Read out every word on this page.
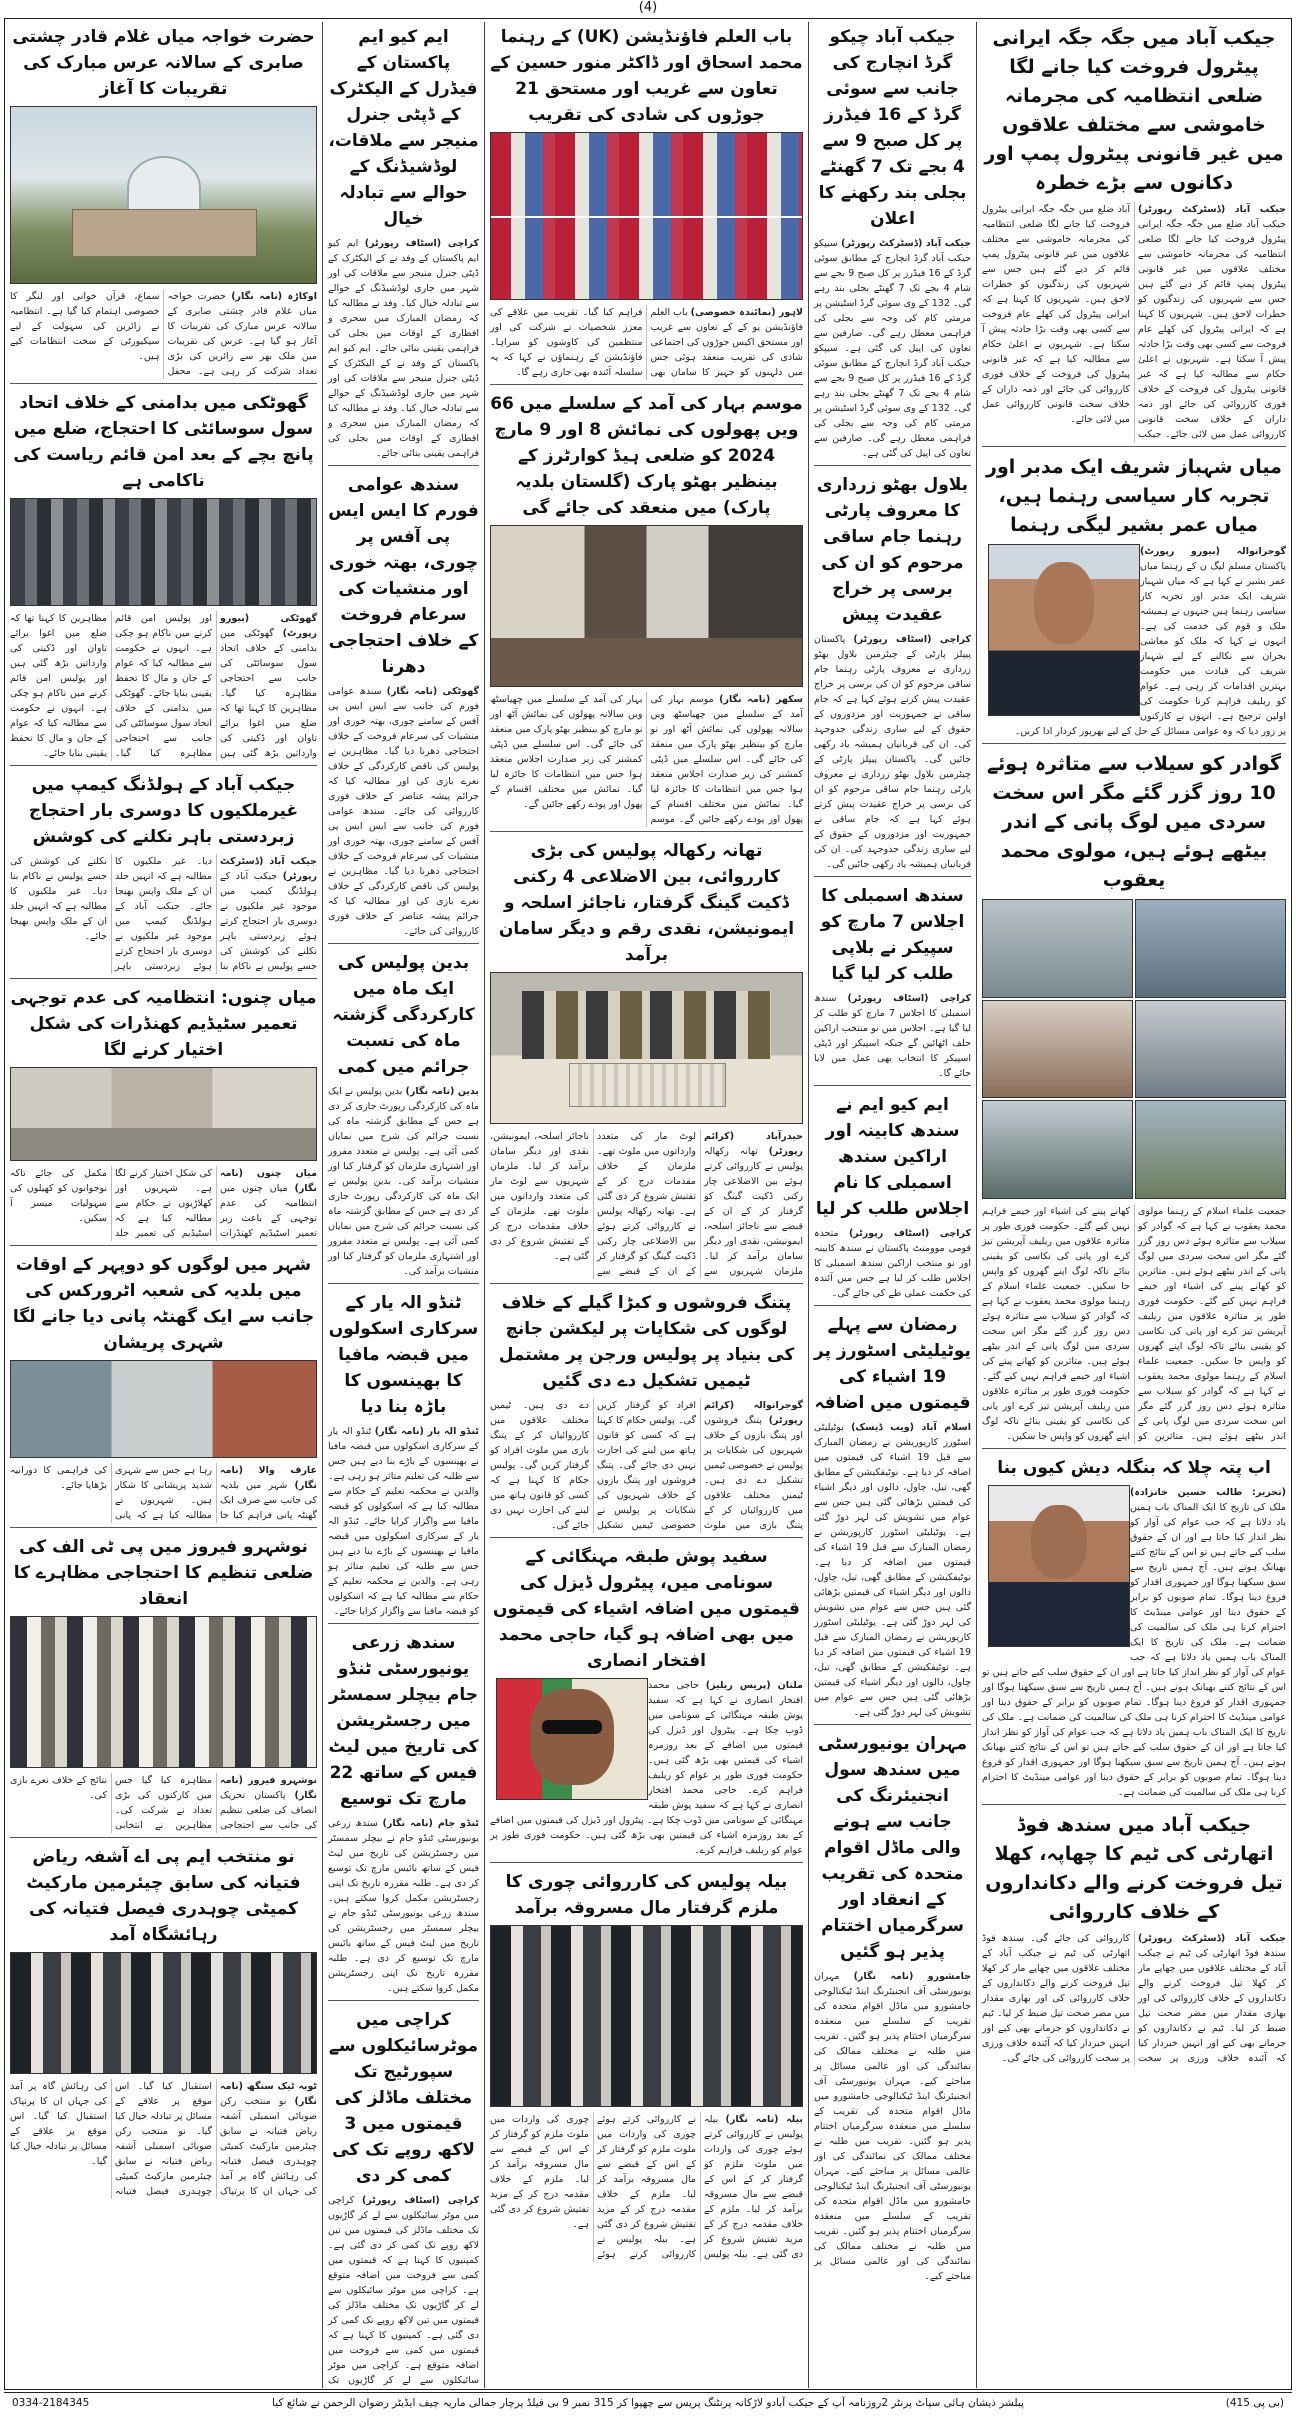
(4)
جیکب آباد میں جگہ جگہ ایرانی پیٹرول فروخت کیا جانے لگا ضلعی انتظامیہ کی مجرمانہ خاموشی سے مختلف علاقوں میں غیر قانونی پیٹرول پمپ اور دکانوں سے بڑے خطرہ
جیکب آباد (ڈسٹرکٹ رپورٹر) جیکب آباد ضلع میں جگہ جگہ ایرانی پیٹرول فروخت کیا جانے لگا ضلعی انتظامیہ کی مجرمانہ خاموشی سے مختلف علاقوں میں غیر قانونی پیٹرول پمپ قائم کر دیے گئے ہیں جس سے شہریوں کی زندگیوں کو خطرات لاحق ہیں۔ شہریوں کا کہنا ہے کہ ایرانی پیٹرول کی کھلے عام فروخت سے کسی بھی وقت بڑا حادثہ پیش آ سکتا ہے۔ شہریوں نے اعلیٰ حکام سے مطالبہ کیا ہے کہ غیر قانونی پیٹرول کی فروخت کے خلاف فوری کارروائی کی جائے اور ذمہ داران کے خلاف سخت قانونی کارروائی عمل میں لائی جائے۔ جیکب آباد ضلع میں جگہ جگہ ایرانی پیٹرول فروخت کیا جانے لگا ضلعی انتظامیہ کی مجرمانہ خاموشی سے مختلف علاقوں میں غیر قانونی پیٹرول پمپ قائم کر دیے گئے ہیں جس سے شہریوں کی زندگیوں کو خطرات لاحق ہیں۔ شہریوں کا کہنا ہے کہ ایرانی پیٹرول کی کھلے عام فروخت سے کسی بھی وقت بڑا حادثہ پیش آ سکتا ہے۔ شہریوں نے اعلیٰ حکام سے مطالبہ کیا ہے کہ غیر قانونی پیٹرول کی فروخت کے خلاف فوری کارروائی کی جائے اور ذمہ داران کے خلاف سخت قانونی کارروائی عمل میں لائی جائے۔
میاں شہباز شریف ایک مدبر اور تجربہ کار سیاسی رہنما ہیں، میاں عمر بشیر لیگی رہنما
گوجرانوالہ (بیورو رپورٹ) پاکستان مسلم لیگ ن کے رہنما میاں عمر بشیر نے کہا ہے کہ میاں شہباز شریف ایک مدبر اور تجربہ کار سیاسی رہنما ہیں جنہوں نے ہمیشہ ملک و قوم کی خدمت کی ہے۔ انہوں نے کہا کہ ملک کو معاشی بحران سے نکالنے کے لیے شہباز شریف کی قیادت میں حکومت بہترین اقدامات کر رہی ہے۔ عوام کو ریلیف فراہم کرنا حکومت کی اولین ترجیح ہے۔ انہوں نے کارکنوں پر زور دیا کہ وہ عوامی مسائل کے حل کے لیے بھرپور کردار ادا کریں۔
گوادر کو سیلاب سے متاثرہ ہوئے 10 روز گزر گئے مگر اس سخت سردی میں لوگ پانی کے اندر بیٹھے ہوئے ہیں، مولوی محمد یعقوب
جمعیت علماء اسلام کے رہنما مولوی محمد یعقوب نے کہا ہے کہ گوادر کو سیلاب سے متاثرہ ہوئے دس روز گزر گئے مگر اس سخت سردی میں لوگ پانی کے اندر بیٹھے ہوئے ہیں۔ متاثرین کو کھانے پینے کی اشیاء اور خیمے فراہم نہیں کیے گئے۔ حکومت فوری طور پر متاثرہ علاقوں میں ریلیف آپریشن تیز کرے اور پانی کی نکاسی کو یقینی بنائے تاکہ لوگ اپنے گھروں کو واپس جا سکیں۔ جمعیت علماء اسلام کے رہنما مولوی محمد یعقوب نے کہا ہے کہ گوادر کو سیلاب سے متاثرہ ہوئے دس روز گزر گئے مگر اس سخت سردی میں لوگ پانی کے اندر بیٹھے ہوئے ہیں۔ متاثرین کو کھانے پینے کی اشیاء اور خیمے فراہم نہیں کیے گئے۔ حکومت فوری طور پر متاثرہ علاقوں میں ریلیف آپریشن تیز کرے اور پانی کی نکاسی کو یقینی بنائے تاکہ لوگ اپنے گھروں کو واپس جا سکیں۔ جمعیت علماء اسلام کے رہنما مولوی محمد یعقوب نے کہا ہے کہ گوادر کو سیلاب سے متاثرہ ہوئے دس روز گزر گئے مگر اس سخت سردی میں لوگ پانی کے اندر بیٹھے ہوئے ہیں۔ متاثرین کو کھانے پینے کی اشیاء اور خیمے فراہم نہیں کیے گئے۔ حکومت فوری طور پر متاثرہ علاقوں میں ریلیف آپریشن تیز کرے اور پانی کی نکاسی کو یقینی بنائے تاکہ لوگ اپنے گھروں کو واپس جا سکیں۔
اب پتہ چلا کہ بنگلہ دیش کیوں بنا
(تحریر: طالب حسین خانزادہ) ملک کی تاریخ کا ایک المناک باب ہمیں یاد دلاتا ہے کہ جب عوام کی آواز کو نظر انداز کیا جاتا ہے اور ان کے حقوق سلب کیے جاتے ہیں تو اس کے نتائج کتنے بھیانک ہوتے ہیں۔ آج ہمیں تاریخ سے سبق سیکھنا ہوگا اور جمہوری اقدار کو فروغ دینا ہوگا۔ تمام صوبوں کو برابر کے حقوق دینا اور عوامی مینڈیٹ کا احترام کرنا ہی ملک کی سالمیت کی ضمانت ہے۔ ملک کی تاریخ کا ایک المناک باب ہمیں یاد دلاتا ہے کہ جب عوام کی آواز کو نظر انداز کیا جاتا ہے اور ان کے حقوق سلب کیے جاتے ہیں تو اس کے نتائج کتنے بھیانک ہوتے ہیں۔ آج ہمیں تاریخ سے سبق سیکھنا ہوگا اور جمہوری اقدار کو فروغ دینا ہوگا۔ تمام صوبوں کو برابر کے حقوق دینا اور عوامی مینڈیٹ کا احترام کرنا ہی ملک کی سالمیت کی ضمانت ہے۔ ملک کی تاریخ کا ایک المناک باب ہمیں یاد دلاتا ہے کہ جب عوام کی آواز کو نظر انداز کیا جاتا ہے اور ان کے حقوق سلب کیے جاتے ہیں تو اس کے نتائج کتنے بھیانک ہوتے ہیں۔ آج ہمیں تاریخ سے سبق سیکھنا ہوگا اور جمہوری اقدار کو فروغ دینا ہوگا۔ تمام صوبوں کو برابر کے حقوق دینا اور عوامی مینڈیٹ کا احترام کرنا ہی ملک کی سالمیت کی ضمانت ہے۔
جیکب آباد میں سندھ فوڈ اتھارٹی کی ٹیم کا چھاپہ، کھلا تیل فروخت کرنے والے دکانداروں کے خلاف کارروائی
جیکب آباد (ڈسٹرکٹ رپورٹر) سندھ فوڈ اتھارٹی کی ٹیم نے جیکب آباد کے مختلف علاقوں میں چھاپے مار کر کھلا تیل فروخت کرنے والے دکانداروں کے خلاف کارروائی کی اور بھاری مقدار میں مضر صحت تیل ضبط کر لیا۔ ٹیم نے دکانداروں کو جرمانے بھی کیے اور انہیں خبردار کیا کہ آئندہ خلاف ورزی پر سخت کارروائی کی جائے گی۔ سندھ فوڈ اتھارٹی کی ٹیم نے جیکب آباد کے مختلف علاقوں میں چھاپے مار کر کھلا تیل فروخت کرنے والے دکانداروں کے خلاف کارروائی کی اور بھاری مقدار میں مضر صحت تیل ضبط کر لیا۔ ٹیم نے دکانداروں کو جرمانے بھی کیے اور انہیں خبردار کیا کہ آئندہ خلاف ورزی پر سخت کارروائی کی جائے گی۔
جیکب آباد چیکو گرڈ انچارج کی جانب سے سوئی گرڈ کے 16 فیڈرز پر کل صبح 9 سے 4 بجے تک 7 گھنٹے بجلی بند رکھنے کا اعلان
جیکب آباد (ڈسٹرکٹ رپورٹر) سیپکو جیکب آباد گرڈ انچارج کے مطابق سوئی گرڈ کے 16 فیڈرز پر کل صبح 9 بجے سے شام 4 بجے تک 7 گھنٹے بجلی بند رہے گی۔ 132 کے وی سوئی گرڈ اسٹیشن پر مرمتی کام کی وجہ سے بجلی کی فراہمی معطل رہے گی۔ صارفین سے تعاون کی اپیل کی گئی ہے۔ سیپکو جیکب آباد گرڈ انچارج کے مطابق سوئی گرڈ کے 16 فیڈرز پر کل صبح 9 بجے سے شام 4 بجے تک 7 گھنٹے بجلی بند رہے گی۔ 132 کے وی سوئی گرڈ اسٹیشن پر مرمتی کام کی وجہ سے بجلی کی فراہمی معطل رہے گی۔ صارفین سے تعاون کی اپیل کی گئی ہے۔
بلاول بھٹو زرداری کا معروف پارٹی رہنما جام ساقی مرحوم کو ان کی برسی پر خراج عقیدت پیش
کراچی (اسٹاف رپورٹر) پاکستان پیپلز پارٹی کے چیئرمین بلاول بھٹو زرداری نے معروف پارٹی رہنما جام ساقی مرحوم کو ان کی برسی پر خراج عقیدت پیش کرتے ہوئے کہا ہے کہ جام ساقی نے جمہوریت اور مزدوروں کے حقوق کے لیے ساری زندگی جدوجہد کی۔ ان کی قربانیاں ہمیشہ یاد رکھی جائیں گی۔ پاکستان پیپلز پارٹی کے چیئرمین بلاول بھٹو زرداری نے معروف پارٹی رہنما جام ساقی مرحوم کو ان کی برسی پر خراج عقیدت پیش کرتے ہوئے کہا ہے کہ جام ساقی نے جمہوریت اور مزدوروں کے حقوق کے لیے ساری زندگی جدوجہد کی۔ ان کی قربانیاں ہمیشہ یاد رکھی جائیں گی۔
سندھ اسمبلی کا اجلاس 7 مارچ کو سپیکر نے بلاپی طلب کر لیا گیا
کراچی (اسٹاف رپورٹر) سندھ اسمبلی کا اجلاس 7 مارچ کو طلب کر لیا گیا ہے۔ اجلاس میں نو منتخب اراکین حلف اٹھائیں گے جبکہ اسپیکر اور ڈپٹی اسپیکر کا انتخاب بھی عمل میں لایا جائے گا۔
ایم کیو ایم نے سندھ کابینہ اور اراکین سندھ اسمبلی کا نام اجلاس طلب کر لیا
کراچی (اسٹاف رپورٹر) متحدہ قومی موومنٹ پاکستان نے سندھ کابینہ اور نو منتخب اراکین سندھ اسمبلی کا اجلاس طلب کر لیا ہے جس میں آئندہ کی حکمت عملی طے کی جائے گی۔
رمضان سے پہلے یوٹیلیٹی اسٹورز پر 19 اشیاء کی قیمتوں میں اضافہ
اسلام آباد (ویب ڈیسک) یوٹیلیٹی اسٹورز کارپوریشن نے رمضان المبارک سے قبل 19 اشیاء کی قیمتوں میں اضافہ کر دیا ہے۔ نوٹیفکیشن کے مطابق گھی، تیل، چاول، دالوں اور دیگر اشیاء کی قیمتیں بڑھائی گئی ہیں جس سے عوام میں تشویش کی لہر دوڑ گئی ہے۔ یوٹیلیٹی اسٹورز کارپوریشن نے رمضان المبارک سے قبل 19 اشیاء کی قیمتوں میں اضافہ کر دیا ہے۔ نوٹیفکیشن کے مطابق گھی، تیل، چاول، دالوں اور دیگر اشیاء کی قیمتیں بڑھائی گئی ہیں جس سے عوام میں تشویش کی لہر دوڑ گئی ہے۔ یوٹیلیٹی اسٹورز کارپوریشن نے رمضان المبارک سے قبل 19 اشیاء کی قیمتوں میں اضافہ کر دیا ہے۔ نوٹیفکیشن کے مطابق گھی، تیل، چاول، دالوں اور دیگر اشیاء کی قیمتیں بڑھائی گئی ہیں جس سے عوام میں تشویش کی لہر دوڑ گئی ہے۔
مہران یونیورسٹی میں سندھ سول انجنیئرنگ کی جانب سے ہونے والی ماڈل اقوام متحدہ کی تقریب کے انعقاد اور سرگرمیاں اختتام پذیر ہو گئیں
جامشورو (نامہ نگار) مہران یونیورسٹی آف انجنیئرنگ اینڈ ٹیکنالوجی جامشورو میں ماڈل اقوام متحدہ کی تقریب کے سلسلے میں منعقدہ سرگرمیاں اختتام پذیر ہو گئیں۔ تقریب میں طلبہ نے مختلف ممالک کی نمائندگی کی اور عالمی مسائل پر مباحثے کیے۔ مہران یونیورسٹی آف انجنیئرنگ اینڈ ٹیکنالوجی جامشورو میں ماڈل اقوام متحدہ کی تقریب کے سلسلے میں منعقدہ سرگرمیاں اختتام پذیر ہو گئیں۔ تقریب میں طلبہ نے مختلف ممالک کی نمائندگی کی اور عالمی مسائل پر مباحثے کیے۔ مہران یونیورسٹی آف انجنیئرنگ اینڈ ٹیکنالوجی جامشورو میں ماڈل اقوام متحدہ کی تقریب کے سلسلے میں منعقدہ سرگرمیاں اختتام پذیر ہو گئیں۔ تقریب میں طلبہ نے مختلف ممالک کی نمائندگی کی اور عالمی مسائل پر مباحثے کیے۔
باب العلم فاؤنڈیشن (UK) کے رہنما محمد اسحاق اور ڈاکٹر منور حسین کے تعاون سے غریب اور مستحق 21 جوڑوں کی شادی کی تقریب
لاہور (نمائندہ خصوصی) باب العلم فاؤنڈیشن یو کے کے تعاون سے غریب اور مستحق اکیس جوڑوں کی اجتماعی شادی کی تقریب منعقد ہوئی جس میں دلہنوں کو جہیز کا سامان بھی فراہم کیا گیا۔ تقریب میں علاقے کی معزز شخصیات نے شرکت کی اور منتظمین کی کاوشوں کو سراہا۔ فاؤنڈیشن کے رہنماؤں نے کہا کہ یہ سلسلہ آئندہ بھی جاری رہے گا۔
موسم بہار کی آمد کے سلسلے میں 66 ویں پھولوں کی نمائش 8 اور 9 مارچ 2024 کو ضلعی ہیڈ کوارٹرز کے بینظیر بھٹو پارک (گلستان بلدیہ پارک) میں منعقد کی جائے گی
سکھر (نامہ نگار) موسم بہار کی آمد کے سلسلے میں چھیاسٹھ ویں سالانہ پھولوں کی نمائش آٹھ اور نو مارچ کو بینظیر بھٹو پارک میں منعقد کی جائے گی۔ اس سلسلے میں ڈپٹی کمشنر کی زیر صدارت اجلاس منعقد ہوا جس میں انتظامات کا جائزہ لیا گیا۔ نمائش میں مختلف اقسام کے پھول اور پودے رکھے جائیں گے۔ موسم بہار کی آمد کے سلسلے میں چھیاسٹھ ویں سالانہ پھولوں کی نمائش آٹھ اور نو مارچ کو بینظیر بھٹو پارک میں منعقد کی جائے گی۔ اس سلسلے میں ڈپٹی کمشنر کی زیر صدارت اجلاس منعقد ہوا جس میں انتظامات کا جائزہ لیا گیا۔ نمائش میں مختلف اقسام کے پھول اور پودے رکھے جائیں گے۔
تھانہ رکھالہ پولیس کی بڑی کارروائی، بین الاضلاعی 4 رکنی ڈکیت گینگ گرفتار، ناجائز اسلحہ و ایمونیشن، نقدی رقم و دیگر سامان برآمد
حیدرآباد (کرائم رپورٹر) تھانہ رکھالہ پولیس نے کارروائی کرتے ہوئے بین الاضلاعی چار رکنی ڈکیت گینگ کو گرفتار کر کے ان کے قبضے سے ناجائز اسلحہ، ایمونیشن، نقدی اور دیگر سامان برآمد کر لیا۔ ملزمان شہریوں سے لوٹ مار کی متعدد وارداتوں میں ملوث تھے۔ ملزمان کے خلاف مقدمات درج کر کے تفتیش شروع کر دی گئی ہے۔ تھانہ رکھالہ پولیس نے کارروائی کرتے ہوئے بین الاضلاعی چار رکنی ڈکیت گینگ کو گرفتار کر کے ان کے قبضے سے ناجائز اسلحہ، ایمونیشن، نقدی اور دیگر سامان برآمد کر لیا۔ ملزمان شہریوں سے لوٹ مار کی متعدد وارداتوں میں ملوث تھے۔ ملزمان کے خلاف مقدمات درج کر کے تفتیش شروع کر دی گئی ہے۔
پتنگ فروشوں و کبڑا گیلے کے خلاف لوگوں کی شکایات پر لیکشن جانچ کی بنیاد پر پولیس ورجن پر مشتمل ٹیمیں تشکیل دے دی گئیں
گوجرانوالہ (کرائم رپورٹر) پتنگ فروشوں اور پتنگ بازوں کے خلاف شہریوں کی شکایات پر پولیس نے خصوصی ٹیمیں تشکیل دے دی ہیں۔ ٹیمیں مختلف علاقوں میں کارروائیاں کر کے پتنگ بازی میں ملوث افراد کو گرفتار کریں گی۔ پولیس حکام کا کہنا ہے کہ کسی کو قانون ہاتھ میں لینے کی اجازت نہیں دی جائے گی۔ پتنگ فروشوں اور پتنگ بازوں کے خلاف شہریوں کی شکایات پر پولیس نے خصوصی ٹیمیں تشکیل دے دی ہیں۔ ٹیمیں مختلف علاقوں میں کارروائیاں کر کے پتنگ بازی میں ملوث افراد کو گرفتار کریں گی۔ پولیس حکام کا کہنا ہے کہ کسی کو قانون ہاتھ میں لینے کی اجازت نہیں دی جائے گی۔
سفید پوش طبقہ مہنگائی کے سونامی میں، پیٹرول ڈیزل کی قیمتوں میں اضافہ اشیاء کی قیمتوں میں بھی اضافہ ہو گیا، حاجی محمد افتخار انصاری
ملتان (پریس ریلیز) حاجی محمد افتخار انصاری نے کہا ہے کہ سفید پوش طبقہ مہنگائی کے سونامی میں ڈوب چکا ہے۔ پیٹرول اور ڈیزل کی قیمتوں میں اضافے کے بعد روزمرہ اشیاء کی قیمتیں بھی بڑھ گئی ہیں۔ حکومت فوری طور پر عوام کو ریلیف فراہم کرے۔ حاجی محمد افتخار انصاری نے کہا ہے کہ سفید پوش طبقہ مہنگائی کے سونامی میں ڈوب چکا ہے۔ پیٹرول اور ڈیزل کی قیمتوں میں اضافے کے بعد روزمرہ اشیاء کی قیمتیں بھی بڑھ گئی ہیں۔ حکومت فوری طور پر عوام کو ریلیف فراہم کرے۔
بیلہ پولیس کی کارروائی چوری کا ملزم گرفتار مال مسروقہ برآمد
بیلہ (نامہ نگار) بیلہ پولیس نے کارروائی کرتے ہوئے چوری کی واردات میں ملوث ملزم کو گرفتار کر کے اس کے قبضے سے مال مسروقہ برآمد کر لیا۔ ملزم کے خلاف مقدمہ درج کر کے مزید تفتیش شروع کر دی گئی ہے۔ بیلہ پولیس نے کارروائی کرتے ہوئے چوری کی واردات میں ملوث ملزم کو گرفتار کر کے اس کے قبضے سے مال مسروقہ برآمد کر لیا۔ ملزم کے خلاف مقدمہ درج کر کے مزید تفتیش شروع کر دی گئی ہے۔ بیلہ پولیس نے کارروائی کرتے ہوئے چوری کی واردات میں ملوث ملزم کو گرفتار کر کے اس کے قبضے سے مال مسروقہ برآمد کر لیا۔ ملزم کے خلاف مقدمہ درج کر کے مزید تفتیش شروع کر دی گئی ہے۔
ایم کیو ایم پاکستان کے فیڈرل کے الیکٹرک کے ڈپٹی جنرل منیجر سے ملاقات، لوڈشیڈنگ کے حوالے سے تبادلہ خیال
کراچی (اسٹاف رپورٹر) ایم کیو ایم پاکستان کے وفد نے کے الیکٹرک کے ڈپٹی جنرل منیجر سے ملاقات کی اور شہر میں جاری لوڈشیڈنگ کے حوالے سے تبادلہ خیال کیا۔ وفد نے مطالبہ کیا کہ رمضان المبارک میں سحری و افطاری کے اوقات میں بجلی کی فراہمی یقینی بنائی جائے۔ ایم کیو ایم پاکستان کے وفد نے کے الیکٹرک کے ڈپٹی جنرل منیجر سے ملاقات کی اور شہر میں جاری لوڈشیڈنگ کے حوالے سے تبادلہ خیال کیا۔ وفد نے مطالبہ کیا کہ رمضان المبارک میں سحری و افطاری کے اوقات میں بجلی کی فراہمی یقینی بنائی جائے۔
سندھ عوامی فورم کا ایس ایس پی آفس پر چوری، بھتہ خوری اور منشیات کی سرعام فروخت کے خلاف احتجاجی دھرنا
گھوٹکی (نامہ نگار) سندھ عوامی فورم کی جانب سے ایس ایس پی آفس کے سامنے چوری، بھتہ خوری اور منشیات کی سرعام فروخت کے خلاف احتجاجی دھرنا دیا گیا۔ مظاہرین نے پولیس کی ناقص کارکردگی کے خلاف نعرے بازی کی اور مطالبہ کیا کہ جرائم پیشہ عناصر کے خلاف فوری کارروائی کی جائے۔ سندھ عوامی فورم کی جانب سے ایس ایس پی آفس کے سامنے چوری، بھتہ خوری اور منشیات کی سرعام فروخت کے خلاف احتجاجی دھرنا دیا گیا۔ مظاہرین نے پولیس کی ناقص کارکردگی کے خلاف نعرے بازی کی اور مطالبہ کیا کہ جرائم پیشہ عناصر کے خلاف فوری کارروائی کی جائے۔
بدین پولیس کی ایک ماہ میں کارکردگی گزشتہ ماہ کی نسبت جرائم میں کمی
بدین (نامہ نگار) بدین پولیس نے ایک ماہ کی کارکردگی رپورٹ جاری کر دی ہے جس کے مطابق گزشتہ ماہ کی نسبت جرائم کی شرح میں نمایاں کمی آئی ہے۔ پولیس نے متعدد مفرور اور اشتہاری ملزمان کو گرفتار کیا اور منشیات برآمد کی۔ بدین پولیس نے ایک ماہ کی کارکردگی رپورٹ جاری کر دی ہے جس کے مطابق گزشتہ ماہ کی نسبت جرائم کی شرح میں نمایاں کمی آئی ہے۔ پولیس نے متعدد مفرور اور اشتہاری ملزمان کو گرفتار کیا اور منشیات برآمد کی۔
ٹنڈو الہ یار کے سرکاری اسکولوں میں قبضہ مافیا کا بھینسوں کا باڑہ بنا دیا
ٹنڈو الہ یار (نامہ نگار) ٹنڈو الہ یار کے سرکاری اسکولوں میں قبضہ مافیا نے بھینسوں کے باڑے بنا دیے ہیں جس سے طلبہ کی تعلیم متاثر ہو رہی ہے۔ والدین نے محکمہ تعلیم کے حکام سے مطالبہ کیا ہے کہ اسکولوں کو قبضہ مافیا سے واگزار کرایا جائے۔ ٹنڈو الہ یار کے سرکاری اسکولوں میں قبضہ مافیا نے بھینسوں کے باڑے بنا دیے ہیں جس سے طلبہ کی تعلیم متاثر ہو رہی ہے۔ والدین نے محکمہ تعلیم کے حکام سے مطالبہ کیا ہے کہ اسکولوں کو قبضہ مافیا سے واگزار کرایا جائے۔
سندھ زرعی یونیورسٹی ٹنڈو جام بیچلر سمسٹر میں رجسٹریشن کی تاریخ میں لیٹ فیس کے ساتھ 22 مارچ تک توسیع
ٹنڈو جام (نامہ نگار) سندھ زرعی یونیورسٹی ٹنڈو جام نے بیچلر سمسٹر میں رجسٹریشن کی تاریخ میں لیٹ فیس کے ساتھ بائیس مارچ تک توسیع کر دی ہے۔ طلبہ مقررہ تاریخ تک اپنی رجسٹریشن مکمل کروا سکتے ہیں۔ سندھ زرعی یونیورسٹی ٹنڈو جام نے بیچلر سمسٹر میں رجسٹریشن کی تاریخ میں لیٹ فیس کے ساتھ بائیس مارچ تک توسیع کر دی ہے۔ طلبہ مقررہ تاریخ تک اپنی رجسٹریشن مکمل کروا سکتے ہیں۔
کراچی میں موٹرسائیکلوں سے سپورٹیج تک مختلف ماڈلز کی قیمتوں میں 3 لاکھ روپے تک کی کمی کر دی
کراچی (اسٹاف رپورٹر) کراچی میں موٹر سائیکلوں سے لے کر گاڑیوں تک مختلف ماڈلز کی قیمتوں میں تین لاکھ روپے تک کمی کر دی گئی ہے۔ کمپنیوں کا کہنا ہے کہ قیمتوں میں کمی سے فروخت میں اضافہ متوقع ہے۔ کراچی میں موٹر سائیکلوں سے لے کر گاڑیوں تک مختلف ماڈلز کی قیمتوں میں تین لاکھ روپے تک کمی کر دی گئی ہے۔ کمپنیوں کا کہنا ہے کہ قیمتوں میں کمی سے فروخت میں اضافہ متوقع ہے۔ کراچی میں موٹر سائیکلوں سے لے کر گاڑیوں تک
حضرت خواجہ میاں غلام قادر چشتی صابری کے سالانہ عرس مبارک کی تقریبات کا آغاز
اوکاڑہ (نامہ نگار) حضرت خواجہ میاں غلام قادر چشتی صابری کے سالانہ عرس مبارک کی تقریبات کا آغاز ہو گیا ہے۔ عرس کی تقریبات میں ملک بھر سے زائرین کی بڑی تعداد شرکت کر رہی ہے۔ محفل سماع، قرآن خوانی اور لنگر کا خصوصی اہتمام کیا گیا ہے۔ انتظامیہ نے زائرین کی سہولت کے لیے سیکیورٹی کے سخت انتظامات کیے ہیں۔
گھوٹکی میں بدامنی کے خلاف اتحاد سول سوسائٹی کا احتجاج، ضلع میں پانچ بچے کے بعد امن قائم ریاست کی ناکامی ہے
گھوٹکی (بیورو رپورٹ) گھوٹکی میں بدامنی کے خلاف اتحاد سول سوسائٹی کی جانب سے احتجاجی مظاہرہ کیا گیا۔ مظاہرین کا کہنا تھا کہ ضلع میں اغوا برائے تاوان اور ڈکیتی کی وارداتیں بڑھ گئی ہیں اور پولیس امن قائم کرنے میں ناکام ہو چکی ہے۔ انہوں نے حکومت سے مطالبہ کیا کہ عوام کے جان و مال کا تحفظ یقینی بنایا جائے۔ گھوٹکی میں بدامنی کے خلاف اتحاد سول سوسائٹی کی جانب سے احتجاجی مظاہرہ کیا گیا۔ مظاہرین کا کہنا تھا کہ ضلع میں اغوا برائے تاوان اور ڈکیتی کی وارداتیں بڑھ گئی ہیں اور پولیس امن قائم کرنے میں ناکام ہو چکی ہے۔ انہوں نے حکومت سے مطالبہ کیا کہ عوام کے جان و مال کا تحفظ یقینی بنایا جائے۔
جیکب آباد کے ہولڈنگ کیمپ میں غیرملکیوں کا دوسری بار احتجاج زبردستی باہر نکلنے کی کوشش
جیکب آباد (ڈسٹرکٹ رپورٹر) جیکب آباد کے ہولڈنگ کیمپ میں موجود غیر ملکیوں نے دوسری بار احتجاج کرتے ہوئے زبردستی باہر نکلنے کی کوشش کی جسے پولیس نے ناکام بنا دیا۔ غیر ملکیوں کا مطالبہ ہے کہ انہیں جلد ان کے ملک واپس بھیجا جائے۔ جیکب آباد کے ہولڈنگ کیمپ میں موجود غیر ملکیوں نے دوسری بار احتجاج کرتے ہوئے زبردستی باہر نکلنے کی کوشش کی جسے پولیس نے ناکام بنا دیا۔ غیر ملکیوں کا مطالبہ ہے کہ انہیں جلد ان کے ملک واپس بھیجا جائے۔
میاں چنوں: انتظامیہ کی عدم توجہی تعمیر سٹیڈیم کھنڈرات کی شکل اختیار کرنے لگا
میاں چنوں (نامہ نگار) میاں چنوں میں انتظامیہ کی عدم توجہی کے باعث زیر تعمیر اسٹیڈیم کھنڈرات کی شکل اختیار کرنے لگا ہے۔ شہریوں اور کھلاڑیوں نے حکام سے مطالبہ کیا ہے کہ اسٹیڈیم کی تعمیر جلد مکمل کی جائے تاکہ نوجوانوں کو کھیلوں کی سہولیات میسر آ سکیں۔
شہر میں لوگوں کو دوپہر کے اوقات میں بلدیہ کی شعبہ اٹرورکس کی جانب سے ایک گھنٹہ پانی دیا جانے لگا شہری پریشان
عارف والا (نامہ نگار) شہر میں بلدیہ کی جانب سے صرف ایک گھنٹہ پانی فراہم کیا جا رہا ہے جس سے شہری شدید پریشانی کا شکار ہیں۔ شہریوں نے مطالبہ کیا ہے کہ پانی کی فراہمی کا دورانیہ بڑھایا جائے۔
نوشہرو فیروز میں پی ٹی الف کی ضلعی تنظیم کا احتجاجی مظاہرے کا انعقاد
نوشہرو فیروز (نامہ نگار) پاکستان تحریک انصاف کی ضلعی تنظیم کی جانب سے احتجاجی مظاہرہ کیا گیا جس میں کارکنوں کی بڑی تعداد نے شرکت کی۔ مظاہرین نے انتخابی نتائج کے خلاف نعرے بازی کی۔
نو منتخب ایم پی اے آشفہ ریاض فتیانہ کی سابق چیئرمین مارکیٹ کمیٹی چوہدری فیصل فتیانہ کی رہائشگاہ آمد
ٹوبہ ٹیک سنگھ (نامہ نگار) نو منتخب رکن صوبائی اسمبلی آشفہ ریاض فتیانہ نے سابق چیئرمین مارکیٹ کمیٹی چوہدری فیصل فتیانہ کی رہائش گاہ پر آمد کی جہاں ان کا پرتپاک استقبال کیا گیا۔ اس موقع پر علاقے کے مسائل پر تبادلہ خیال کیا گیا۔ نو منتخب رکن صوبائی اسمبلی آشفہ ریاض فتیانہ نے سابق چیئرمین مارکیٹ کمیٹی چوہدری فیصل فتیانہ کی رہائش گاہ پر آمد کی جہاں ان کا پرتپاک استقبال کیا گیا۔ اس موقع پر علاقے کے مسائل پر تبادلہ خیال کیا گیا۔
(بی پی 415)
پبلشر ذیشان ہائی سپاٹ پرنٹر 2روزنامہ آپ کے جیکب آبادو لاڑکانہ پرنٹنگ پریس سے چھپوا کر 315 نمبر 9 بی فیلڈ پرچار جمالی ماریہ چیف ایڈیٹر رضوان الرحمن نے شائع کیا
0334-2184345
